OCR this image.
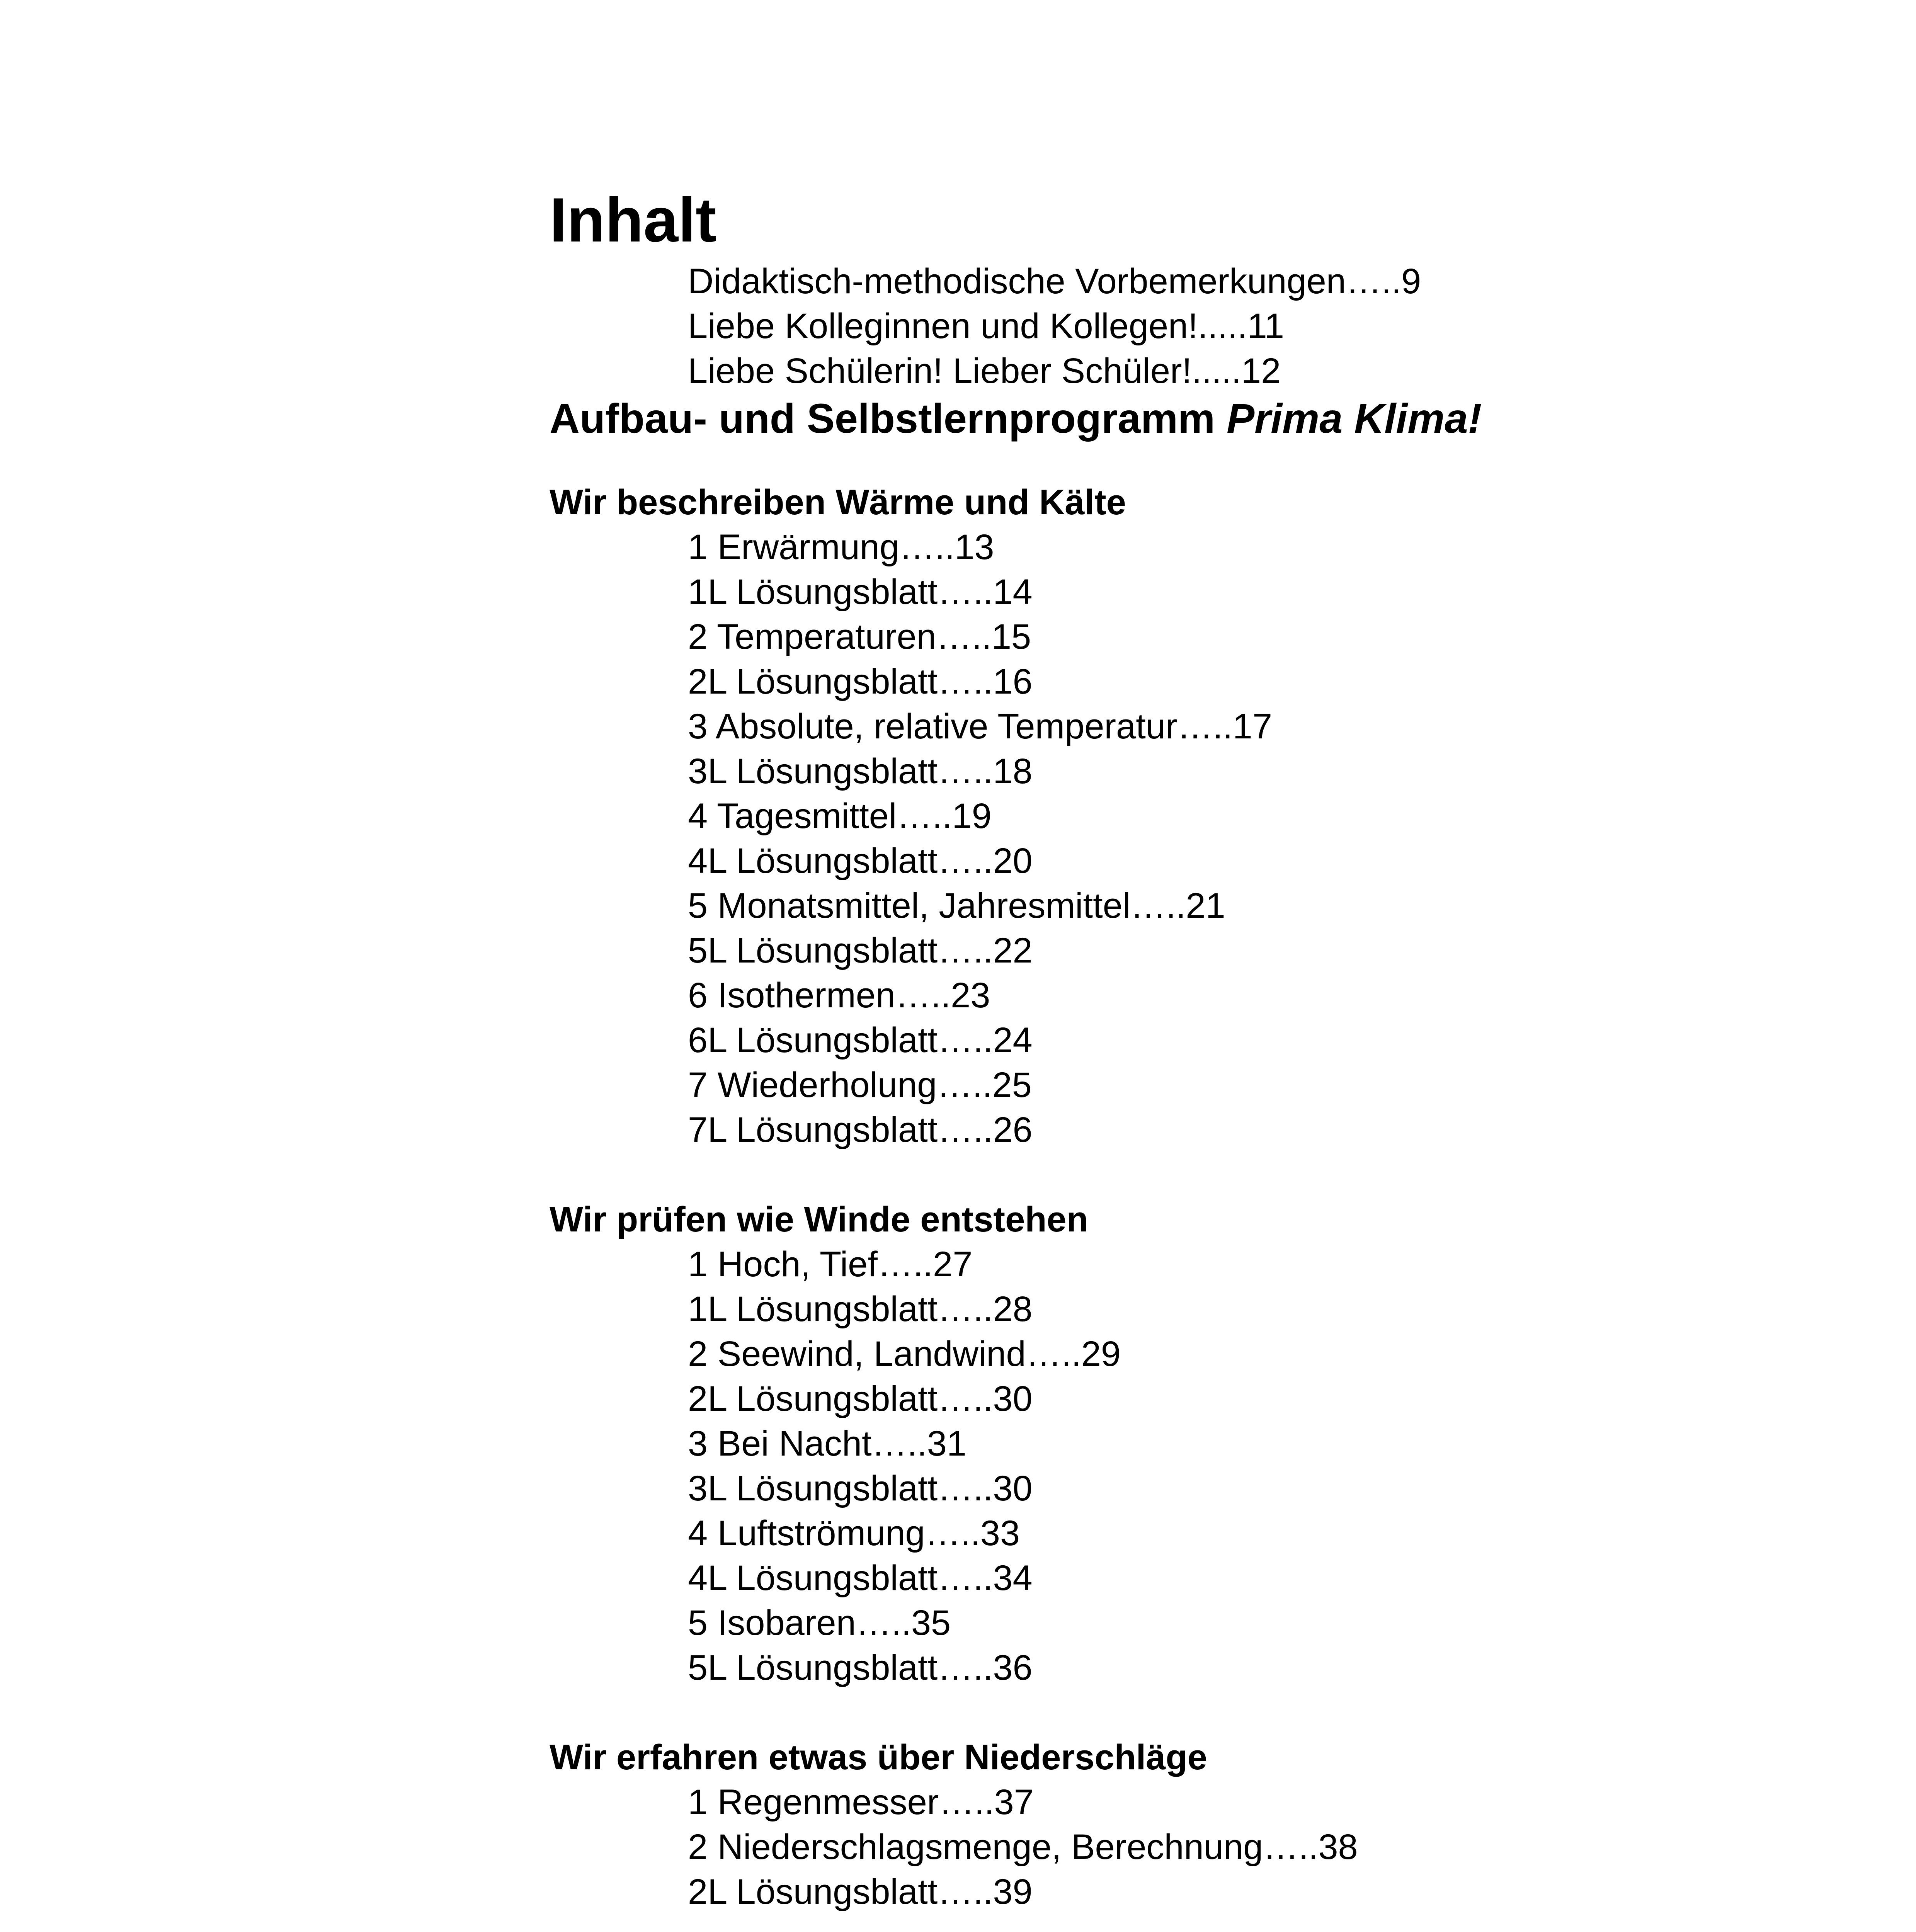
Inhalt
Didaktisch-methodische Vorbemerkungen…..9
Liebe Kolleginnen und Kollegen!.....11
Liebe Schülerin! Lieber Schüler!.....12
Aufbau- und Selbstlernprogramm Prima Klima!
Wir beschreiben Wärme und Kälte
1 Erwärmung…..13
1L Lösungsblatt…..14
2 Temperaturen…..15
2L Lösungsblatt…..16
3 Absolute, relative Temperatur…..17
3L Lösungsblatt…..18
4 Tagesmittel…..19
4L Lösungsblatt…..20
5 Monatsmittel, Jahresmittel…..21
5L Lösungsblatt…..22
6 Isothermen…..23
6L Lösungsblatt…..24
7 Wiederholung…..25
7L Lösungsblatt…..26
Wir prüfen wie Winde entstehen
1 Hoch, Tief…..27
1L Lösungsblatt…..28
2 Seewind, Landwind…..29
2L Lösungsblatt…..30
3 Bei Nacht…..31
3L Lösungsblatt…..30
4 Luftströmung…..33
4L Lösungsblatt…..34
5 Isobaren…..35
5L Lösungsblatt…..36
Wir erfahren etwas über Niederschläge
1 Regenmesser…..37
2 Niederschlagsmenge, Berechnung…..38
2L Lösungsblatt…..39
